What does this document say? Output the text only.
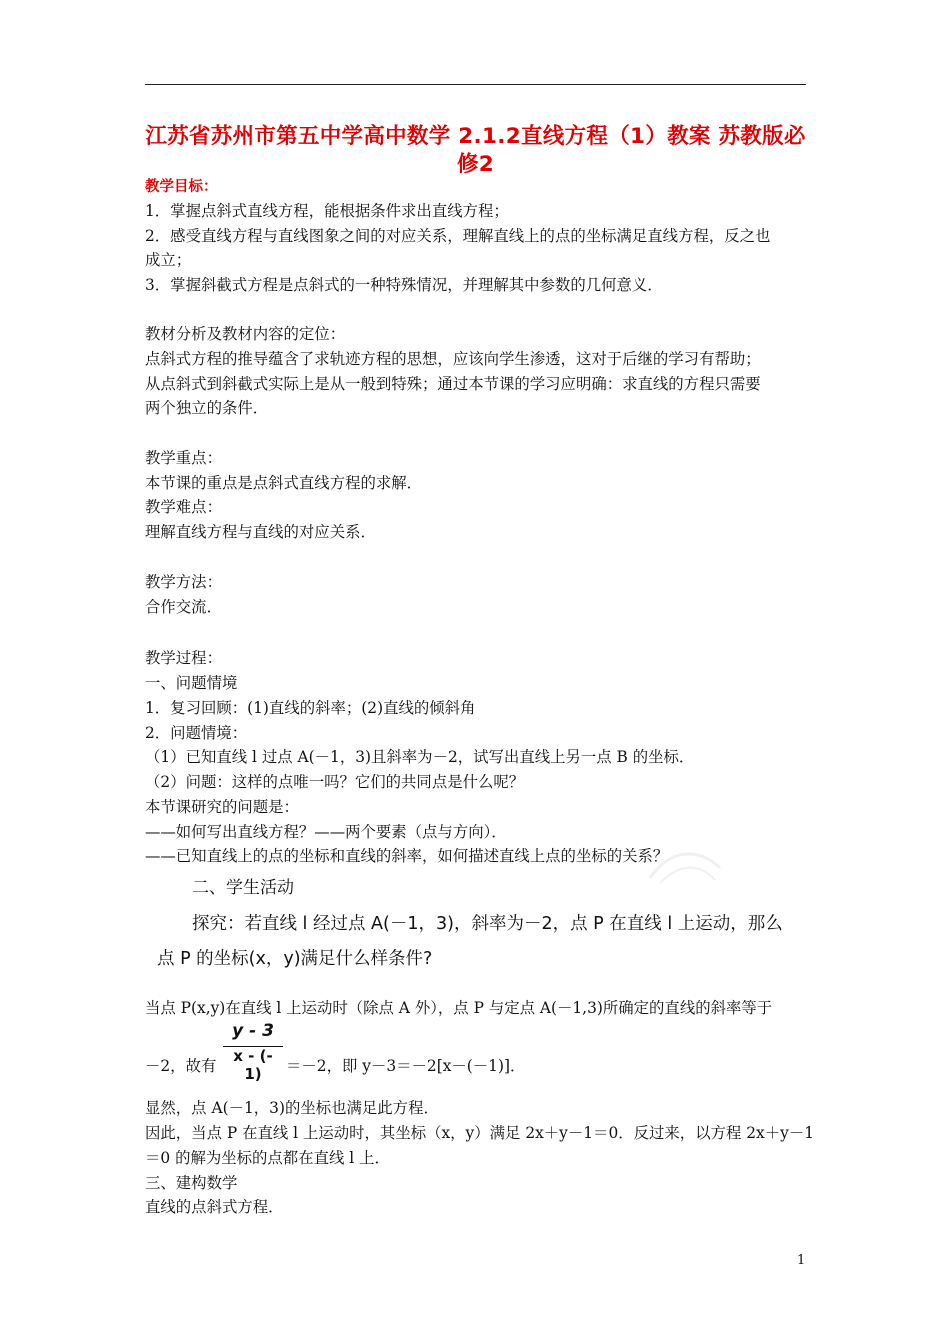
江苏省苏州市第五中学高中数学 2.1.2直线方程（1）教案 苏教版必修2
教学目标：
1．掌握点斜式直线方程，能根据条件求出直线方程；
2．感受直线方程与直线图象之间的对应关系，理解直线上的点的坐标满足直线方程，反之也
成立；
3．掌握斜截式方程是点斜式的一种特殊情况，并理解其中参数的几何意义．
教材分析及教材内容的定位：
点斜式方程的推导蕴含了求轨迹方程的思想，应该向学生渗透，这对于后继的学习有帮助；
从点斜式到斜截式实际上是从一般到特殊；通过本节课的学习应明确：求直线的方程只需要
两个独立的条件．
教学重点：
本节课的重点是点斜式直线方程的求解．
教学难点：
理解直线方程与直线的对应关系．
教学方法：
合作交流．
教学过程：
一、问题情境
1．复习回顾：(1)直线的斜率；(2)直线的倾斜角
2．问题情境：
（1）已知直线 l 过点 A(－1，3)且斜率为－2，试写出直线上另一点 B 的坐标．
（2）问题：这样的点唯一吗？它们的共同点是什么呢？
本节课研究的问题是：
——如何写出直线方程？——两个要素（点与方向）．
——已知直线上的点的坐标和直线的斜率，如何描述直线上点的坐标的关系？
二、学生活动
探究：若直线 l 经过点 A(－1，3)，斜率为－2，点 P 在直线 l 上运动，那么
点 P 的坐标(x，y)满足什么样条件?
当点 P(x,y)在直线 l 上运动时（除点 A 外），点 P 与定点 A(－1,3)所确定的直线的斜率等于
－2，故有
y - 3
x - (- 1)	＝－2，即 y－3＝－2[x－(－1)]．
显然，点 A(－1，3)的坐标也满足此方程．
因此，当点 P 在直线 l 上运动时，其坐标（x，y）满足 2x＋y－1＝0．反过来，以方程 2x＋y－1
＝0 的解为坐标的点都在直线 l 上．
三、建构数学
直线的点斜式方程．
1
